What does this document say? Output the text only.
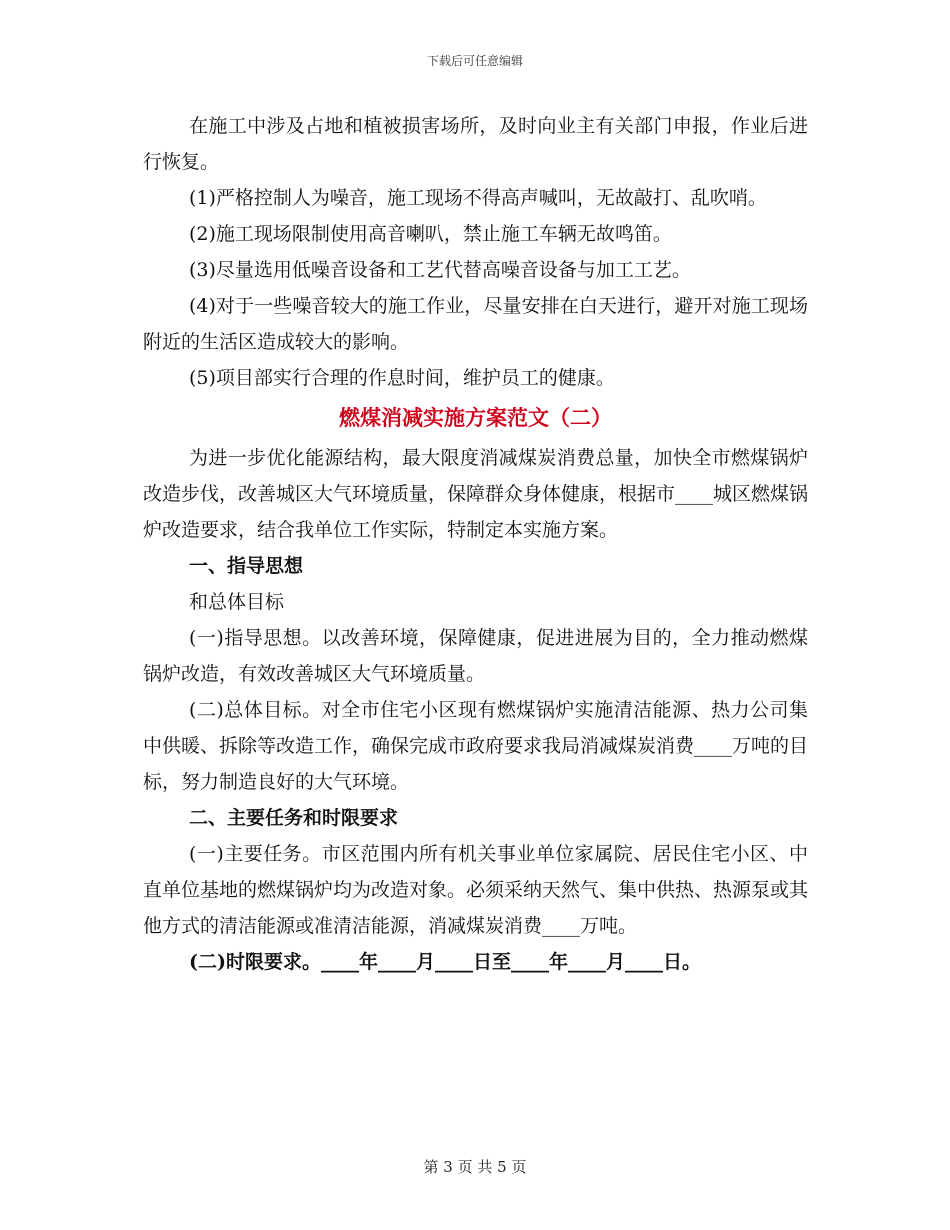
下载后可任意编辑

在施工中涉及占地和植被损害场所，及时向业主有关部门申报，作业后进行恢复。

(1)严格控制人为噪音，施工现场不得高声喊叫，无故敲打、乱吹哨。

(2)施工现场限制使用高音喇叭，禁止施工车辆无故鸣笛。

(3)尽量选用低噪音设备和工艺代替高噪音设备与加工工艺。

(4)对于一些噪音较大的施工作业，尽量安排在白天进行，避开对施工现场附近的生活区造成较大的影响。

(5)项目部实行合理的作息时间，维护员工的健康。

燃煤消减实施方案范文（二）

为进一步优化能源结构，最大限度消减煤炭消费总量，加快全市燃煤锅炉改造步伐，改善城区大气环境质量，保障群众身体健康，根据市____城区燃煤锅炉改造要求，结合我单位工作实际，特制定本实施方案。

一、指导思想

和总体目标

(一)指导思想。以改善环境，保障健康，促进进展为目的，全力推动燃煤锅炉改造，有效改善城区大气环境质量。

(二)总体目标。对全市住宅小区现有燃煤锅炉实施清洁能源、热力公司集中供暖、拆除等改造工作，确保完成市政府要求我局消减煤炭消费____万吨的目标，努力制造良好的大气环境。

二、主要任务和时限要求

(一)主要任务。市区范围内所有机关事业单位家属院、居民住宅小区、中直单位基地的燃煤锅炉均为改造对象。必须采纳天然气、集中供热、热源泵或其他方式的清洁能源或准清洁能源，消减煤炭消费____万吨。

(二)时限要求。____年____月____日至____年____月____日。

第 3 页 共 5 页
